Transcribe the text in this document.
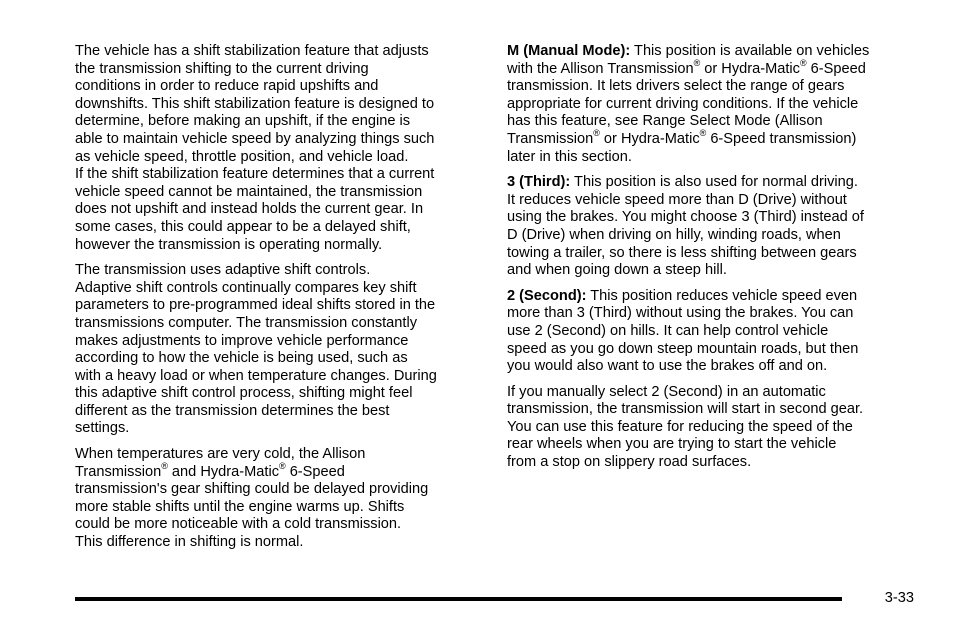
The vehicle has a shift stabilization feature that adjusts
the transmission shifting to the current driving
conditions in order to reduce rapid upshifts and
downshifts. This shift stabilization feature is designed to
determine, before making an upshift, if the engine is
able to maintain vehicle speed by analyzing things such
as vehicle speed, throttle position, and vehicle load.
If the shift stabilization feature determines that a current
vehicle speed cannot be maintained, the transmission
does not upshift and instead holds the current gear. In
some cases, this could appear to be a delayed shift,
however the transmission is operating normally.

The transmission uses adaptive shift controls.
Adaptive shift controls continually compares key shift
parameters to pre-programmed ideal shifts stored in the
transmissions computer. The transmission constantly
makes adjustments to improve vehicle performance
according to how the vehicle is being used, such as
with a heavy load or when temperature changes. During
this adaptive shift control process, shifting might feel
different as the transmission determines the best
settings.

When temperatures are very cold, the Allison
Transmission® and Hydra-Matic® 6-Speed
transmission's gear shifting could be delayed providing
more stable shifts until the engine warms up. Shifts
could be more noticeable with a cold transmission.
This difference in shifting is normal.

M (Manual Mode): This position is available on vehicles
with the Allison Transmission® or Hydra-Matic® 6-Speed
transmission. It lets drivers select the range of gears
appropriate for current driving conditions. If the vehicle
has this feature, see Range Select Mode (Allison
Transmission® or Hydra-Matic® 6-Speed transmission)
later in this section.

3 (Third): This position is also used for normal driving.
It reduces vehicle speed more than D (Drive) without
using the brakes. You might choose 3 (Third) instead of
D (Drive) when driving on hilly, winding roads, when
towing a trailer, so there is less shifting between gears
and when going down a steep hill.

2 (Second): This position reduces vehicle speed even
more than 3 (Third) without using the brakes. You can
use 2 (Second) on hills. It can help control vehicle
speed as you go down steep mountain roads, but then
you would also want to use the brakes off and on.

If you manually select 2 (Second) in an automatic
transmission, the transmission will start in second gear.
You can use this feature for reducing the speed of the
rear wheels when you are trying to start the vehicle
from a stop on slippery road surfaces.

3-33
